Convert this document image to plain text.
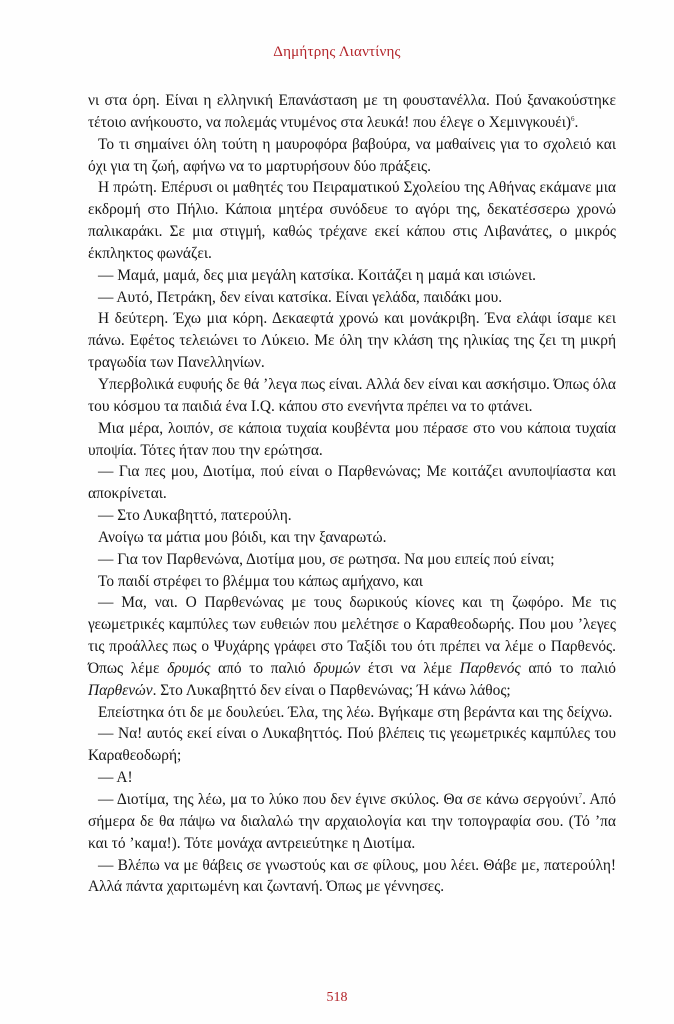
Δημήτρης Λιαντίνης

νι στα όρη. Είναι η ελληνική Επανάσταση με τη φουστανέλλα. Πού ξανακούστηκε τέτοιο ανήκουστο, να πολεμάς ντυμένος στα λευκά! που έλεγε ο Χεμινγκουέι)$^6$.

Το τι σημαίνει όλη τούτη η μαυροφόρα βαβούρα, να μαθαίνεις για το σχολειό και όχι για τη ζωή, αφήνω να το μαρτυρήσουν δύο πράξεις.

Η πρώτη. Επέρυσι οι μαθητές του Πειραματικού Σχολείου της Αθήνας εκάμανε μια εκδρομή στο Πήλιο. Κάποια μητέρα συνόδευε το αγόρι της, δεκατέσσερω χρονώ παλικαράκι. Σε μια στιγμή, καθώς τρέχανε εκεί κάπου στις Λιβανάτες, ο μικρός έκπληκτος φωνάζει.

— Μαμά, μαμά, δες μια μεγάλη κατσίκα. Κοιτάζει η μαμά και ισιώνει.

— Αυτό, Πετράκη, δεν είναι κατσίκα. Είναι γελάδα, παιδάκι μου.

Η δεύτερη. Έχω μια κόρη. Δεκαεφτά χρονώ και μονάκριβη. Ένα ελάφι ίσαμε κει πάνω. Εφέτος τελειώνει το Λύκειο. Με όλη την κλάση της ηλικίας της ζει τη μικρή τραγωδία των Πανελληνίων.

Υπερβολικά ευφυής δε θά ’λεγα πως είναι. Αλλά δεν είναι και ασκήσιμο. Όπως όλα του κόσμου τα παιδιά ένα I.Q. κάπου στο ενενήντα πρέπει να το φτάνει.

Μια μέρα, λοιπόν, σε κάποια τυχαία κουβέντα μου πέρασε στο νου κάποια τυχαία υποψία. Τότες ήταν που την ερώτησα.

— Για πες μου, Διοτίμα, πού είναι ο Παρθενώνας; Με κοιτάζει ανυποψίαστα και αποκρίνεται.

— Στο Λυκαβηττό, πατερούλη.

Ανοίγω τα μάτια μου βόιδι, και την ξαναρωτώ.

— Για τον Παρθενώνα, Διοτίμα μου, σε ρωτησα. Να μου ειπείς πού είναι;

Το παιδί στρέφει το βλέμμα του κάπως αμήχανο, και

— Μα, ναι. Ο Παρθενώνας με τους δωρικούς κίονες και τη ζωφόρο. Με τις γεωμετρικές καμπύλες των ευθειών που μελέτησε ο Καραθεοδωρής. Που μου ’λεγες τις προάλλες πως ο Ψυχάρης γράφει στο Ταξίδι του ότι πρέπει να λέμε ο Παρθενός. Όπως λέμε δρυμός από το παλιό δρυμών έτσι να λέμε Παρθενός από το παλιό Παρθενών. Στο Λυκαβηττό δεν είναι ο Παρθενώνας; Ή κάνω λάθος;

Επείστηκα ότι δε με δουλεύει. Έλα, της λέω. Βγήκαμε στη βεράντα και της δείχνω.

— Να! αυτός εκεί είναι ο Λυκαβηττός. Πού βλέπεις τις γεωμετρικές καμπύλες του Καραθεοδωρή;

— Α!

— Διοτίμα, της λέω, μα το λύκο που δεν έγινε σκύλος. Θα σε κάνω σεργούνι$^7$. Από σήμερα δε θα πάψω να διαλαλώ την αρχαιολογία και την τοπογραφία σου. (Τό ’πα και τό ’καμα!). Τότε μονάχα αντρειεύτηκε η Διοτίμα.

— Βλέπω να με θάβεις σε γνωστούς και σε φίλους, μου λέει. Θάβε με, πατερούλη! Αλλά πάντα χαριτωμένη και ζωντανή. Όπως με γέννησες.

518
